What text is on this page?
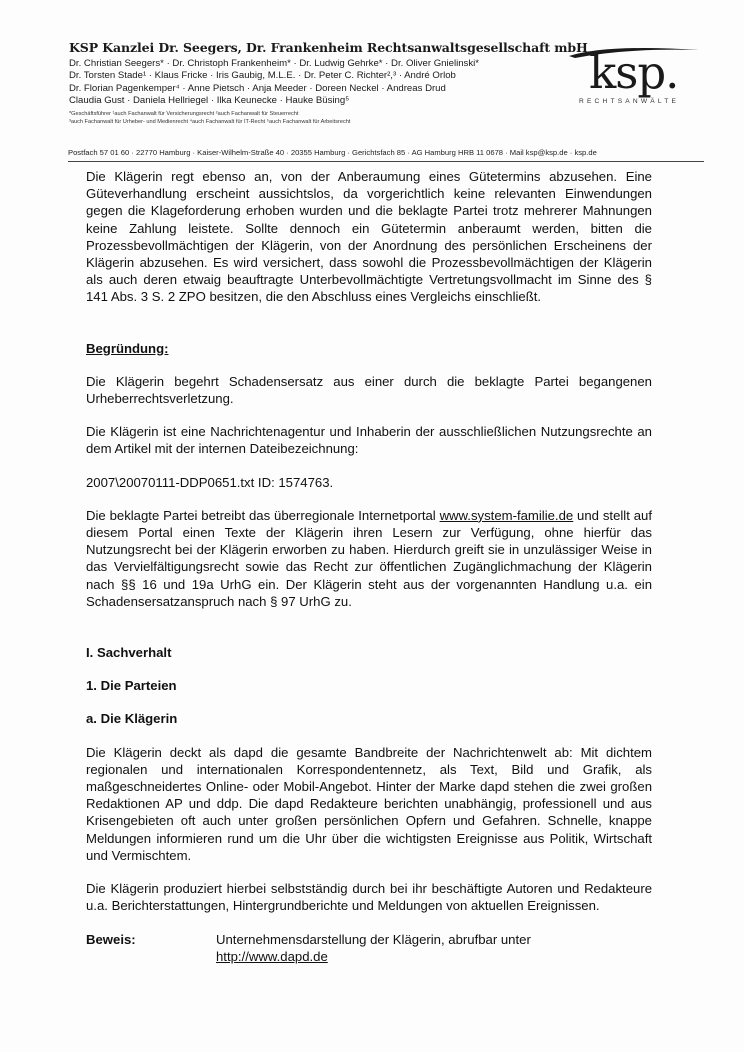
KSP Kanzlei Dr. Seegers, Dr. Frankenheim Rechtsanwaltsgesellschaft mbH
Dr. Christian Seegers* · Dr. Christoph Frankenheim* · Dr. Ludwig Gehrke* · Dr. Oliver Gnielinski*
Dr. Torsten Stade¹ · Klaus Fricke · Iris Gaubig, M.L.E. · Dr. Peter C. Richter²,³ · André Orlob
Dr. Florian Pagenkemper⁴ · Anne Pietsch · Anja Meeder · Doreen Neckel · Andreas Drud
Claudia Gust · Daniela Hellriegel · Ilka Keunecke · Hauke Büsing⁵
*Geschäftsführer ¹auch Fachanwalt für Versicherungsrecht ²auch Fachanwalt für Steuerrecht
³auch Fachanwalt für Urheber- und Medienrecht ⁴auch Fachanwalt für IT-Recht ⁵auch Fachanwalt für Arbeitsrecht
ksp.
RECHTSANWÄLTE
Postfach 57 01 60 · 22770 Hamburg · Kaiser-Wilhelm-Straße 40 · 20355 Hamburg · Gerichtsfach 85 · AG Hamburg HRB 11 0678 · Mail ksp@ksp.de · ksp.de

Die Klägerin regt ebenso an, von der Anberaumung eines Gütetermins abzusehen. Eine Güteverhandlung erscheint aussichtslos, da vorgerichtlich keine relevanten Einwendungen gegen die Klageforderung erhoben wurden und die beklagte Partei trotz mehrerer Mahnungen keine Zahlung leistete. Sollte dennoch ein Gütetermin anberaumt werden, bitten die Prozessbevollmächtigen der Klägerin, von der Anordnung des persönlichen Erscheinens der Klägerin abzusehen. Es wird versichert, dass sowohl die Prozessbevollmächtigen der Klägerin als auch deren etwaig beauftragte Unterbevollmächtigte Vertretungsvollmacht im Sinne des § 141 Abs. 3 S. 2 ZPO besitzen, die den Abschluss eines Vergleichs einschließt.

Begründung:

Die Klägerin begehrt Schadensersatz aus einer durch die beklagte Partei begangenen Urheberrechtsverletzung.

Die Klägerin ist eine Nachrichtenagentur und Inhaberin der ausschließlichen Nutzungsrechte an dem Artikel mit der internen Dateibezeichnung:

2007\20070111-DDP0651.txt ID: 1574763.

Die beklagte Partei betreibt das überregionale Internetportal www.system-familie.de und stellt auf diesem Portal einen Texte der Klägerin ihren Lesern zur Verfügung, ohne hierfür das Nutzungsrecht bei der Klägerin erworben zu haben. Hierdurch greift sie in unzulässiger Weise in das Vervielfältigungsrecht sowie das Recht zur öffentlichen Zugänglichmachung der Klägerin nach §§ 16 und 19a UrhG ein. Der Klägerin steht aus der vorgenannten Handlung u.a. ein Schadensersatzanspruch nach § 97 UrhG zu.

I. Sachverhalt

1. Die Parteien

a. Die Klägerin

Die Klägerin deckt als dapd die gesamte Bandbreite der Nachrichtenwelt ab: Mit dichtem regionalen und internationalen Korrespondentennetz, als Text, Bild und Grafik, als maßgeschneidertes Online- oder Mobil-Angebot. Hinter der Marke dapd stehen die zwei großen Redaktionen AP und ddp. Die dapd Redakteure berichten unabhängig, professionell und aus Krisengebieten oft auch unter großen persönlichen Opfern und Gefahren. Schnelle, knappe Meldungen informieren rund um die Uhr über die wichtigsten Ereignisse aus Politik, Wirtschaft und Vermischtem.

Die Klägerin produziert hierbei selbstständig durch bei ihr beschäftigte Autoren und Redakteure u.a. Berichterstattungen, Hintergrundberichte und Meldungen von aktuellen Ereignissen.

Beweis:	Unternehmensdarstellung der Klägerin, abrufbar unter
http://www.dapd.de
